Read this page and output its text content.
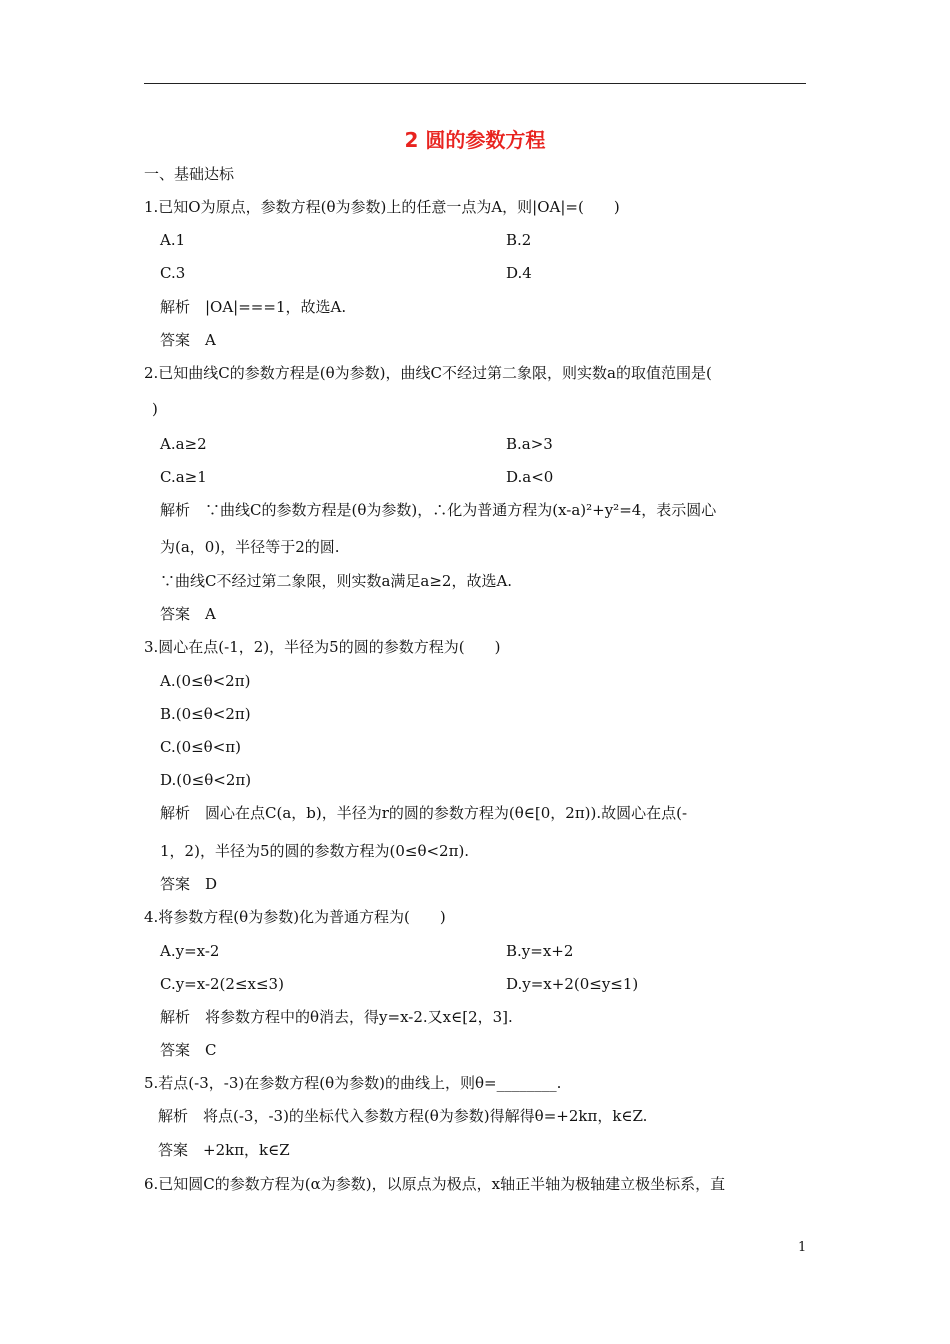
2 圆的参数方程
一、基础达标
1.已知O为原点，参数方程(θ为参数)上的任意一点为A，则|OA|=(　　)
A.1	B.2
C.3	D.4
解析　|OA|===1，故选A.
答案　A
2.已知曲线C的参数方程是(θ为参数)，曲线C不经过第二象限，则实数a的取值范围是(
)
A.a≥2	B.a>3
C.a≥1	D.a<0
解析　∵曲线C的参数方程是(θ为参数)，∴化为普通方程为(x-a)²+y²=4，表示圆心
为(a，0)，半径等于2的圆.
∵曲线C不经过第二象限，则实数a满足a≥2，故选A.
答案　A
3.圆心在点(-1，2)，半径为5的圆的参数方程为(　　)
A.(0≤θ<2π)
B.(0≤θ<2π)
C.(0≤θ<π)
D.(0≤θ<2π)
解析　圆心在点C(a，b)，半径为r的圆的参数方程为(θ∈[0，2π)).故圆心在点(-
1，2)，半径为5的圆的参数方程为(0≤θ<2π).
答案　D
4.将参数方程(θ为参数)化为普通方程为(　　)
A.y=x-2	B.y=x+2
C.y=x-2(2≤x≤3)	D.y=x+2(0≤y≤1)
解析　将参数方程中的θ消去，得y=x-2.又x∈[2，3].
答案　C
5.若点(-3，-3)在参数方程(θ为参数)的曲线上，则θ=________.
解析　将点(-3，-3)的坐标代入参数方程(θ为参数)得解得θ=+2kπ，k∈Z.
答案　+2kπ，k∈Z
6.已知圆C的参数方程为(α为参数)，以原点为极点，x轴正半轴为极轴建立极坐标系，直
1
